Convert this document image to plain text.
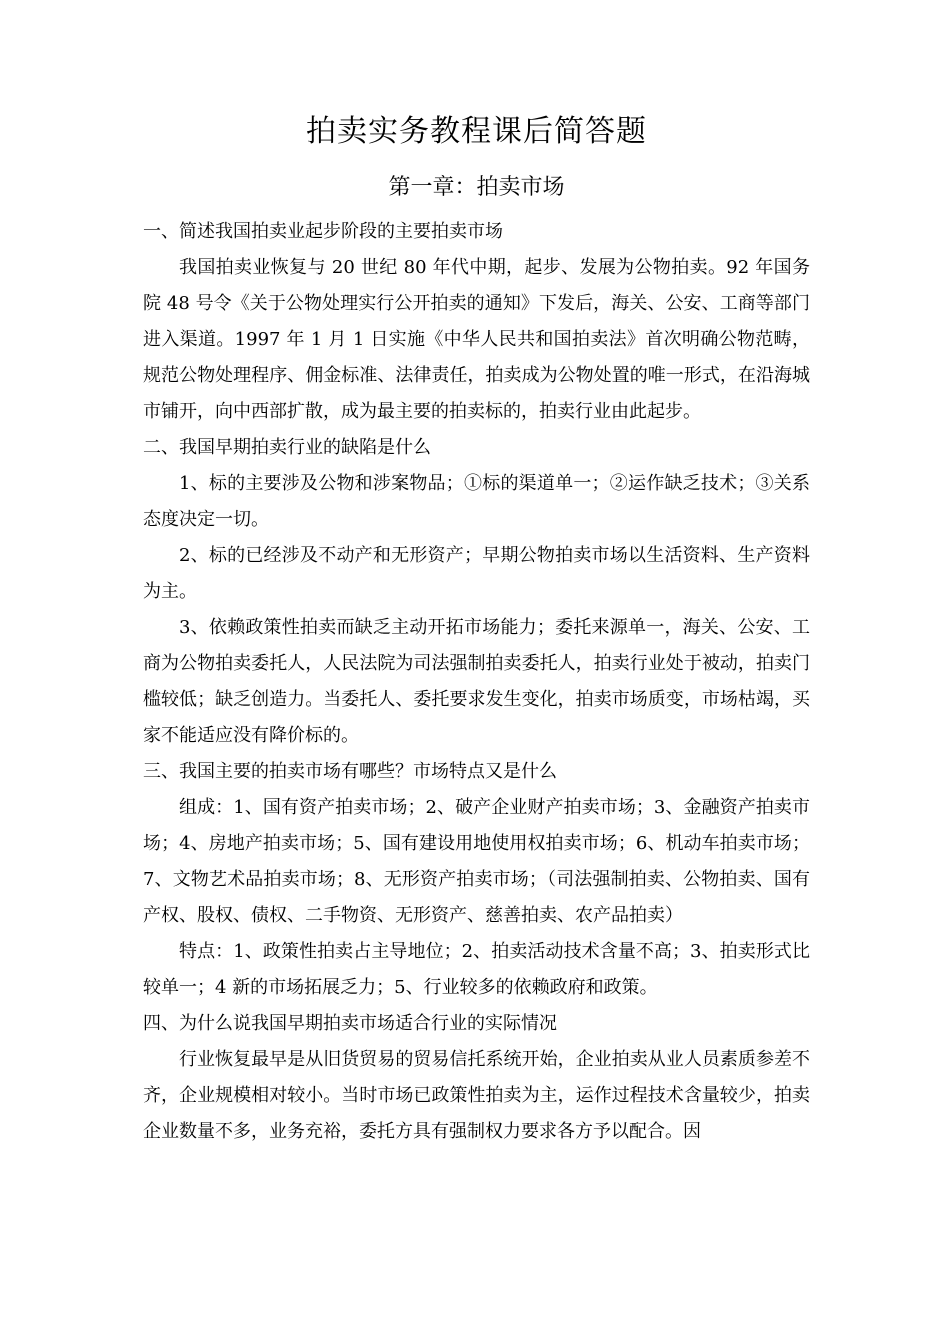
拍卖实务教程课后简答题
第一章：拍卖市场

一、简述我国拍卖业起步阶段的主要拍卖市场

我国拍卖业恢复与 20 世纪 80 年代中期，起步、发展为公物拍卖。92 年国务院 48 号令《关于公物处理实行公开拍卖的通知》下发后，海关、公安、工商等部门进入渠道。1997 年 1 月 1 日实施《中华人民共和国拍卖法》首次明确公物范畴，规范公物处理程序、佣金标准、法律责任，拍卖成为公物处置的唯一形式，在沿海城市铺开，向中西部扩散，成为最主要的拍卖标的，拍卖行业由此起步。

二、我国早期拍卖行业的缺陷是什么

1、标的主要涉及公物和涉案物品；①标的渠道单一；②运作缺乏技术；③关系态度决定一切。

2、标的已经涉及不动产和无形资产；早期公物拍卖市场以生活资料、生产资料为主。

3、依赖政策性拍卖而缺乏主动开拓市场能力；委托来源单一，海关、公安、工商为公物拍卖委托人，人民法院为司法强制拍卖委托人，拍卖行业处于被动，拍卖门槛较低；缺乏创造力。当委托人、委托要求发生变化，拍卖市场质变，市场枯竭，买家不能适应没有降价标的。

三、我国主要的拍卖市场有哪些？市场特点又是什么

组成：1、国有资产拍卖市场；2、破产企业财产拍卖市场；3、金融资产拍卖市场；4、房地产拍卖市场；5、国有建设用地使用权拍卖市场；6、机动车拍卖市场；7、文物艺术品拍卖市场；8、无形资产拍卖市场；（司法强制拍卖、公物拍卖、国有产权、股权、债权、二手物资、无形资产、慈善拍卖、农产品拍卖）

特点：1、政策性拍卖占主导地位；2、拍卖活动技术含量不高；3、拍卖形式比较单一；4 新的市场拓展乏力；5、行业较多的依赖政府和政策。

四、为什么说我国早期拍卖市场适合行业的实际情况

行业恢复最早是从旧货贸易的贸易信托系统开始，企业拍卖从业人员素质参差不齐，企业规模相对较小。当时市场已政策性拍卖为主，运作过程技术含量较少，拍卖企业数量不多，业务充裕，委托方具有强制权力要求各方予以配合。因
